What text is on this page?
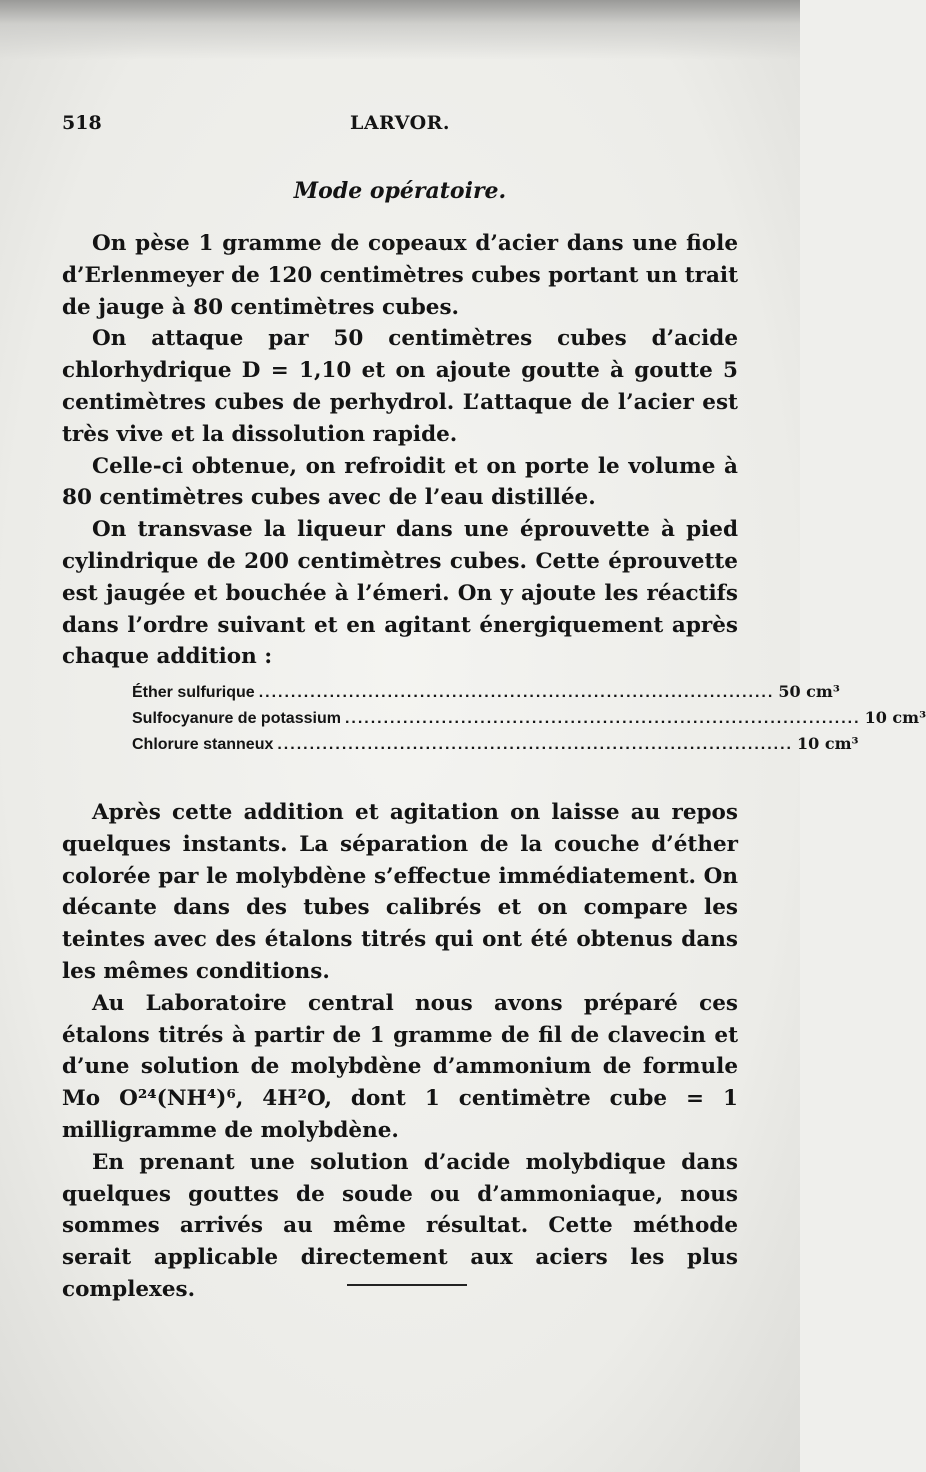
518	LARVOR.
Mode opératoire.

On pèse 1 gramme de copeaux d’acier dans une fiole d’Erlenmeyer de 120 centimètres cubes portant un trait de jauge à 80 centimètres cubes.

On attaque par 50 centimètres cubes d’acide chlorhydrique D = 1,10 et on ajoute goutte à goutte 5 centimètres cubes de perhydrol. L’attaque de l’acier est très vive et la dissolution rapide.

Celle-ci obtenue, on refroidit et on porte le volume à 80 centimètres cubes avec de l’eau distillée.

On transvase la liqueur dans une éprouvette à pied cylindrique de 200 centimètres cubes. Cette éprouvette est jaugée et bouchée à l’émeri. On y ajoute les réactifs dans l’ordre suivant et en agitant énergiquement après chaque addition :

Éther sulfurique ................................................................................ 50 cm³
Sulfocyanure de potassium ................................................................................ 10 cm³
Chlorure stanneux ................................................................................ 10 cm³

Après cette addition et agitation on laisse au repos quelques instants. La séparation de la couche d’éther colorée par le molybdène s’effectue immédiatement. On décante dans des tubes calibrés et on compare les teintes avec des étalons titrés qui ont été obtenus dans les mêmes conditions.

Au Laboratoire central nous avons préparé ces étalons titrés à partir de 1 gramme de fil de clavecin et d’une solution de molybdène d’ammonium de formule Mo O²⁴(NH⁴)⁶, 4H²O, dont 1 centimètre cube = 1 milligramme de molybdène.

En prenant une solution d’acide molybdique dans quelques gouttes de soude ou d’ammoniaque, nous sommes arrivés au même résultat. Cette méthode serait applicable directement aux aciers les plus complexes.
